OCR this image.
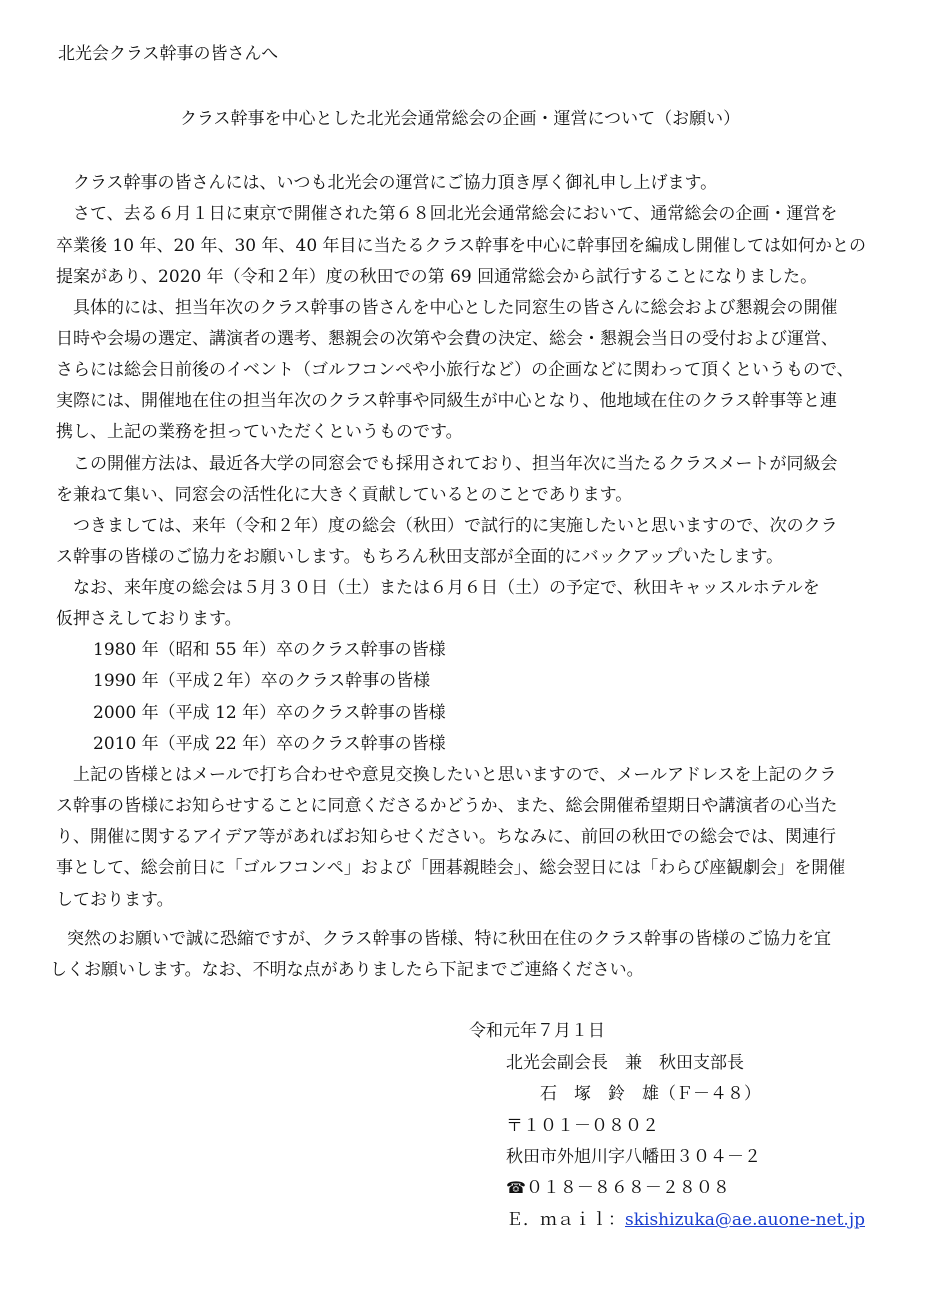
北光会クラス幹事の皆さんへ

クラス幹事を中心とした北光会通常総会の企画・運営について（お願い）

　クラス幹事の皆さんには、いつも北光会の運営にご協力頂き厚く御礼申し上げます。

　さて、去る６月１日に東京で開催された第６８回北光会通常総会において、通常総会の企画・運営を

卒業後 10 年、20 年、30 年、40 年目に当たるクラス幹事を中心に幹事団を編成し開催しては如何かとの

提案があり、2020 年（令和２年）度の秋田での第 69 回通常総会から試行することになりました。

　具体的には、担当年次のクラス幹事の皆さんを中心とした同窓生の皆さんに総会および懇親会の開催

日時や会場の選定、講演者の選考、懇親会の次第や会費の決定、総会・懇親会当日の受付および運営、

さらには総会日前後のイベント（ゴルフコンペや小旅行など）の企画などに関わって頂くというもので、

実際には、開催地在住の担当年次のクラス幹事や同級生が中心となり、他地域在住のクラス幹事等と連

携し、上記の業務を担っていただくというものです。

　この開催方法は、最近各大学の同窓会でも採用されており、担当年次に当たるクラスメートが同級会

を兼ねて集い、同窓会の活性化に大きく貢献しているとのことであります。

　つきましては、来年（令和２年）度の総会（秋田）で試行的に実施したいと思いますので、次のクラ

ス幹事の皆様のご協力をお願いします。もちろん秋田支部が全面的にバックアップいたします。

　なお、来年度の総会は５月３０日（土）または６月６日（土）の予定で、秋田キャッスルホテルを

仮押さえしております。

1980 年（昭和 55 年）卒のクラス幹事の皆様

1990 年（平成２年）卒のクラス幹事の皆様

2000 年（平成 12 年）卒のクラス幹事の皆様

2010 年（平成 22 年）卒のクラス幹事の皆様

　上記の皆様とはメールで打ち合わせや意見交換したいと思いますので、メールアドレスを上記のクラ

ス幹事の皆様にお知らせすることに同意くださるかどうか、また、総会開催希望期日や講演者の心当た

り、開催に関するアイデア等があればお知らせください。ちなみに、前回の秋田での総会では、関連行

事として、総会前日に「ゴルフコンペ」および「囲碁親睦会」、総会翌日には「わらび座観劇会」を開催

しております。

　突然のお願いで誠に恐縮ですが、クラス幹事の皆様、特に秋田在住のクラス幹事の皆様のご協力を宜

しくお願いします。なお、不明な点がありましたら下記までご連絡ください。

令和元年７月１日

北光会副会長　兼　秋田支部長

石　塚　鈴　雄（Ｆ－４８）

〒１０１－０８０２

秋田市外旭川字八幡田３０４－２

☎０１８－８６８－２８０８

Ｅ．ｍａｉｌ：skishizuka@ae.auone-net.jp
